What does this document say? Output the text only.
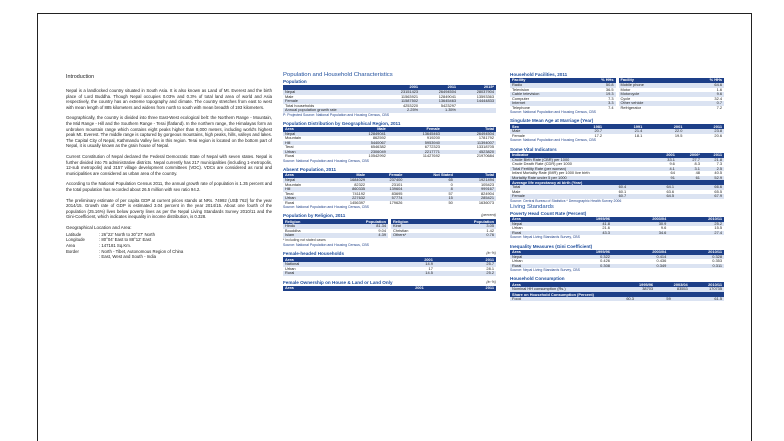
Introduction

Nepal is a landlocked country situated in South Asia. It is also known as Land of Mt. Everest and the birth place of Lord Buddha. Though Nepal occupies 0.03% and 0.3% of total land area of world and Asia respectively, the country has an extreme topography and climate. The country stretches from east to west with mean length of 885 kilometers and widens from north to south with mean breadth of 193 kilometers.

Geographically, the country is divided into three East-West ecological belt: the Northern Range - Mountain, the Mid Range - Hill and the Southern Range - Terai (flatland). In the northern range, the Himalayas form an unbroken mountain range which contains eight peaks higher than 8,000 meters, including world's highest peak Mt. Everest. The middle range is captured by gorgeous mountains, high peaks, hills, valleys and lakes. The Capital City of Nepal, Kathmandu Valley lies in this region. Terai region is located on the bottom part of Nepal, it is usually known as the grain house of Nepal.

Current Constitution of Nepal declared the Federal Democratic State of Nepal with seven states. Nepal is further divided into 75 administrative districts. Nepal currently has 217 municipalities (including 1-metropolis, 12-sub metropolis) and 3157 village development committees (VDC). VDCs are considered as rural and municipalities are considered as urban area of the country.

According to the National Population Census 2011, the annual growth rate of population is 1.35 percent and the total population has recorded about 26.5 million with sex ratio 94.2.

The preliminary estimate of per capita GDP at current prices stands at NRs. 74992 (US$ 762) for the year 2014/15. Growth rate of GDP is estimated 3.04 percent in the year 2014/15. About one fourth of the population (25.16%) lives below poverty lines as per the Nepal Living Standards Survey 2010/11 and the Gini-Coefficient, which indicates inequality in income distribution, is 0.328.

Geographical Location and Area:
Latitude	: 26°22' North to 30°27' North
Longitude	: 80°04' East to 88°12' East
Area	: 147181 Sq.Km.
Border	: North - Tibet, Autonomous Region of China
: East, West and South - India
Population and Household Characteristics
Population
	2001	2011	2015*
Nepal	23151423	26494504	28037904
Male	11563921	12849041	13593363
Female	11587502	13645463	14444833
Total households	4253220	5423297	
Annual population growth rate	2.25%	1.35%	
P: Projected Source: National Population and Housing Census, CBS
Population Distribution by Geographical Region, 2011
Area	Male	Female	Total
Nepal	12849041	13645463	26494504
Mountain	862592	919200	1781792
Hill	5440067	5953940	11394007
Terai	6546382	6772323	13318705
Urban	2306049	2217771	4523820
Rural	10542992	11427692	21970684
Source: National Population and Housing Census, CBS
Absent Population, 2011
Area	Male	Female	Not Stated	Total
Nepal	1684029	237400	65	1921494
Mountain	82322	23101	0	105423
Hill	860335	139604	8	999167
Terai	741192	83695	57	824904
Urban	227632	57774	15	285421
Rural	1456397	179626	50	1636073
Source: National Population and Housing Census, CBS
Population by Religion, 2011	(percent)
Religion	Population
Hindu	81.34
Bouddha	9.04
Islam	4.39
Religion	Population
Kirat	3.05
Christian	1.42
Others*	0.76
* Including not stated cases
Source: National Population and Housing Census, CBS
Female-headed Households	(in %)
Area	2001	2011
National	14.9	25.7
Urban	17	28.1
Rural	14.5	25.2
Female Ownership on House & Land or Land Only	(in %)
Area	2001	2011
Household Facilities, 2011
Facility	% HHs
Radio	50.8
Television	36.5
Cable television	19.3
Computer	7.3
Internet	3.3
Telephone	7.4
Facility	% HHs
Mobile phone	64.6
Motor	1.6
Motorcycle	9.6
Cycle	32.4
Other vehicle	0.7
Refrigerator	7.2
Source: National Population and Housing Census, CBS
Singulate Mean Age at Marriage (Year)
Sex	1981	1991	2001	2011
Male	20.7	21.4	22.0	23.8
Female	17.2	18.1	19.5	20.6
Source: National Population and Housing Census, CBS
Some Vital Indicators
Indicator	2001	2006*	2011
Crude Birth Rate (CBR) per 1000	33.1	27.7	21.8
Crude Death Rate (CDR) per 1000	9.6	8.3	7.3
Total Fertility Rate (per woman)	4.1	3.1	2.5
Infant Mortality Rate (IMR) per 1000 live birth	64	48	40.5
Mortality Rate under 5 per 1000	91	61	52.9
Average life expectancy at birth (Year)
Total	60.4	64.1	66.6
Male	60.1	63.6	65.5
Female	60.7	64.5	67.9
Source: Central Bureau of Statistics * Demographic Health Survey 2006
Living Standards
Poverty Head Count Rate (Percent)
Area	1995/96	2003/04	2010/11
Nepal	41.8	30.9	25.2
Urban	21.6	9.6	15.5
Rural	43.3	34.6	27.4
Source: Nepal Living Standards Survey, CBS
Inequality Measures (Gini Coefficient)
Area	1995/96	2003/04	2010/11
Nepal	0.322	0.414	0.328
Urban	0.426	0.436	0.353
Rural	0.308	0.349	0.311
Source: Nepal Living Standards Survey, CBS
Household Consumption
Area	1995/96	2003/04	2010/11
Nominal HH consumption (Rs.)	38703	83553	170735
Share on Household Consumption (Percent)
Food		60.3	59	61.5
